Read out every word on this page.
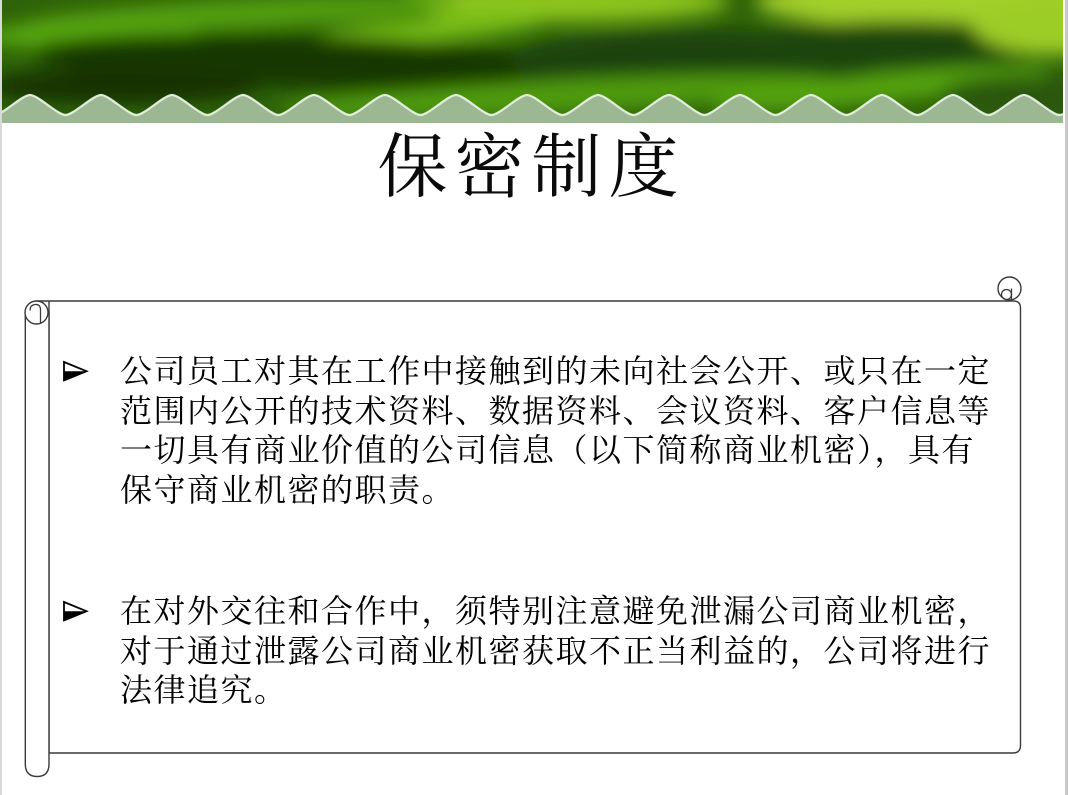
保密制度
公司员工对其在工作中接触到的未向社会公开、或只在一定
范围内公开的技术资料、数据资料、会议资料、客户信息等
一切具有商业价值的公司信息（以下简称商业机密），具有
保守商业机密的职责。
在对外交往和合作中，须特别注意避免泄漏公司商业机密，
对于通过泄露公司商业机密获取不正当利益的，公司将进行
法律追究。
